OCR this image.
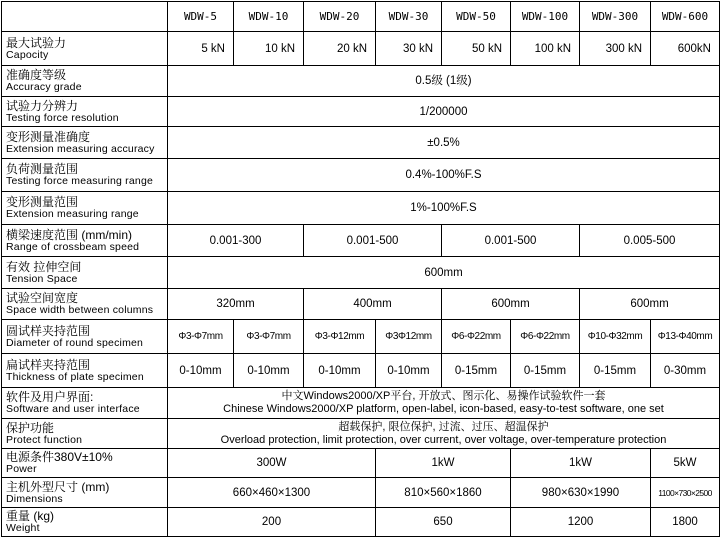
	WDW-5	WDW-10	WDW-20	WDW-30	WDW-50	WDW-100	WDW-300	WDW-600	

最大试验力
Capocity	5 kN	10 kN	20 kN	30 kN	50 kN	100 kN	300 kN	600kN	

准确度等级
Accuracy grade	0.5级 (1级)								

试验力分辨力
Testing force resolution	1/200000								

变形测量准确度
Extension measuring accuracy	±0.5%								

负荷测量范围
Testing force measuring range	0.4%-100%F.S								

变形测量范围
Extension measuring range	1%-100%F.S								

横梁速度范围 (mm/min)
Range of crossbeam speed	0.001-300		0.001-500		0.001-500		0.005-500		

有效 拉伸空间
Tension Space	600mm								

试验空间宽度
Space width between columns	320mm		400mm		600mm		600mm		

圆试样夹持范围
Diameter of round specimen	Φ3-Φ7mm	Φ3-Φ7mm	Φ3-Φ12mm	Φ3Φ12mm	Φ6-Φ22mm	Φ6-Φ22mm	Φ10-Φ32mm	Φ13-Φ40mm	

扁试样夹持范围
Thickness of plate specimen	0-10mm	0-10mm	0-10mm	0-10mm	0-15mm	0-15mm	0-15mm	0-30mm	

软件及用户界面:
Software and user interface	中文Windows2000/XP平台, 开放式、图示化、易操作试验软件一套
Chinese Windows2000/XP platform, open-label, icon-based, easy-to-test software, one set								

保护功能
Protect function	超载保护, 限位保护, 过流、过压、超温保护
Overload protection, limit protection, over current, over voltage, over-temperature protection								

电源条件380V±10%
Power	300W			1kW		1kW		5kW	

主机外型尺寸 (mm)
Dimensions	660×460×1300			810×560×1860		980×630×1990		1100×730×2500	

重量 (kg)
Weight	200			650		1200		1800	
